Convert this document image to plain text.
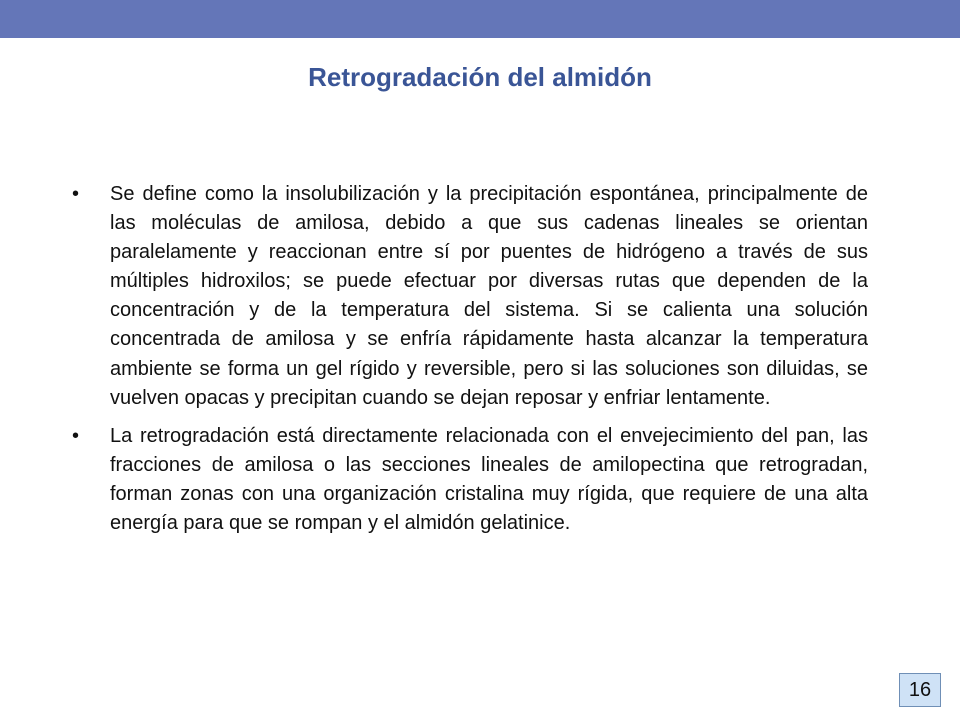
Retrogradación del almidón
• Se define como la insolubilización y la precipitación espontánea, principalmente de las moléculas de amilosa, debido a que sus cadenas lineales se orientan paralelamente y reaccionan entre sí por puentes de hidrógeno a través de sus múltiples hidroxilos; se puede efectuar por diversas rutas que dependen de la concentración y de la temperatura del sistema. Si se calienta una solución concentrada de amilosa y se enfría rápidamente hasta alcanzar la temperatura ambiente se forma un gel rígido y reversible, pero si las soluciones son diluidas, se vuelven opacas y precipitan cuando se dejan reposar y enfriar lentamente.
• La retrogradación está directamente relacionada con el envejecimiento del pan, las fracciones de amilosa o las secciones lineales de amilopectina que retrogradan, forman zonas con una organización cristalina muy rígida, que requiere de una alta energía para que se rompan y el almidón gelatinice.
16
